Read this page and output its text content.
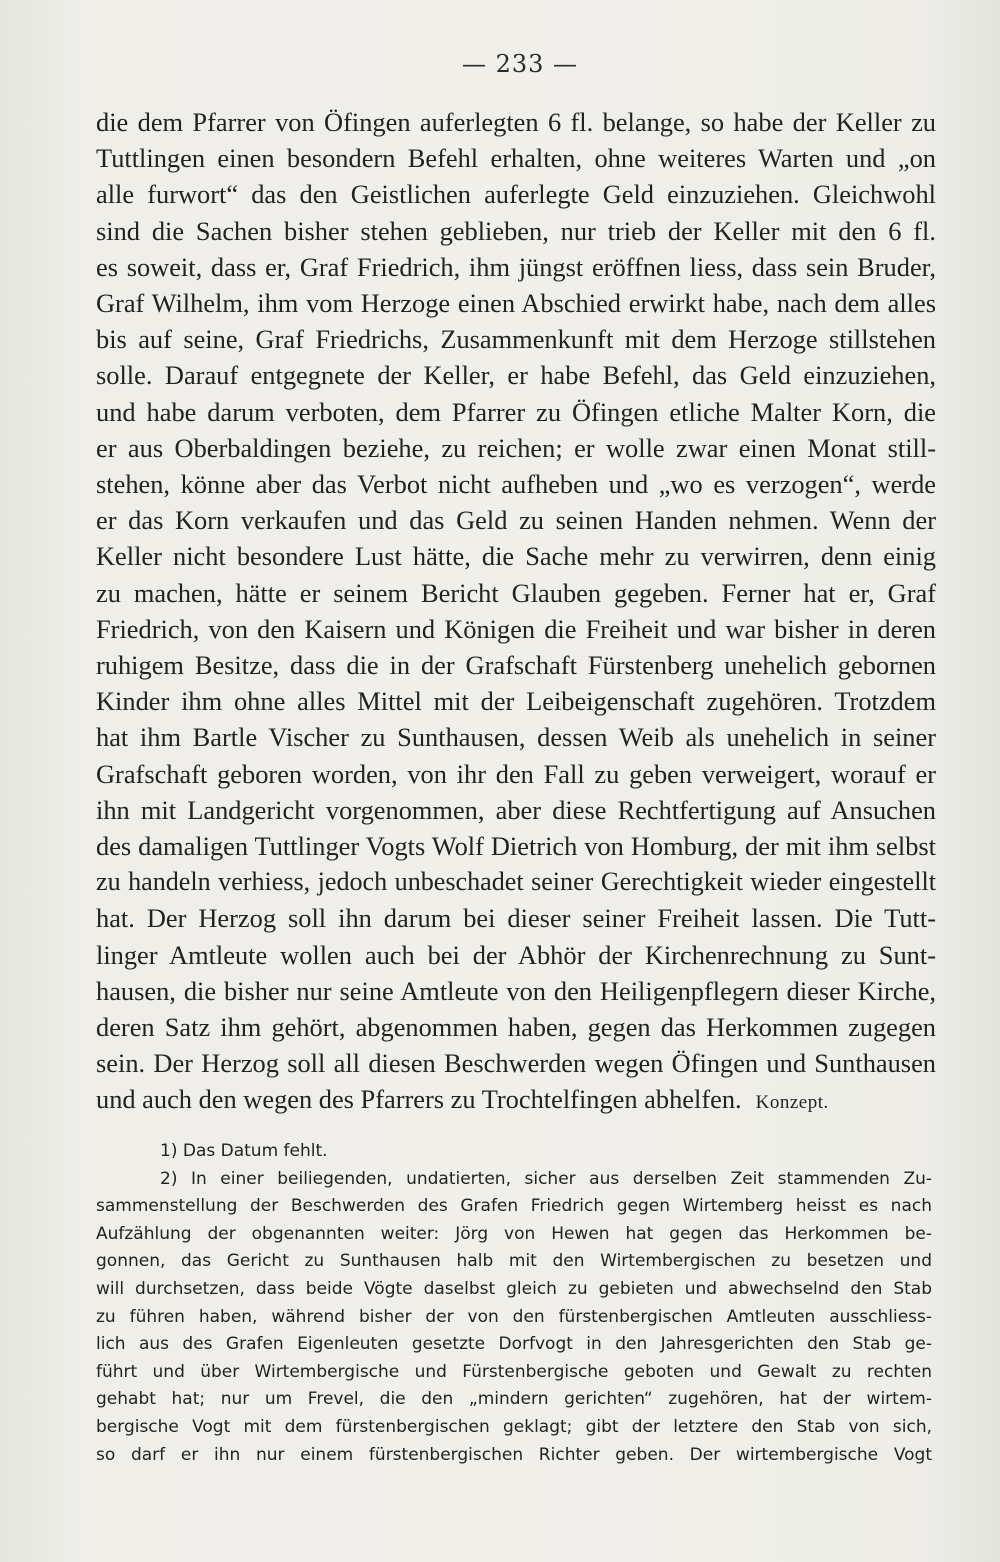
— 233 —
die dem Pfarrer von Öfingen auferlegten 6 fl. belange, so habe der Keller zu
Tuttlingen einen besondern Befehl erhalten, ohne weiteres Warten und „on
alle furwort“ das den Geistlichen auferlegte Geld einzuziehen. Gleichwohl
sind die Sachen bisher stehen geblieben, nur trieb der Keller mit den 6 fl.
es soweit, dass er, Graf Friedrich, ihm jüngst eröffnen liess, dass sein Bruder,
Graf Wilhelm, ihm vom Herzoge einen Abschied erwirkt habe, nach dem alles
bis auf seine, Graf Friedrichs, Zusammenkunft mit dem Herzoge stillstehen
solle. Darauf entgegnete der Keller, er habe Befehl, das Geld einzuziehen,
und habe darum verboten, dem Pfarrer zu Öfingen etliche Malter Korn, die
er aus Oberbaldingen beziehe, zu reichen; er wolle zwar einen Monat still-
stehen, könne aber das Verbot nicht aufheben und „wo es verzogen“, werde
er das Korn verkaufen und das Geld zu seinen Handen nehmen. Wenn der
Keller nicht besondere Lust hätte, die Sache mehr zu verwirren, denn einig
zu machen, hätte er seinem Bericht Glauben gegeben. Ferner hat er, Graf
Friedrich, von den Kaisern und Königen die Freiheit und war bisher in deren
ruhigem Besitze, dass die in der Grafschaft Fürstenberg unehelich gebornen
Kinder ihm ohne alles Mittel mit der Leibeigenschaft zugehören. Trotzdem
hat ihm Bartle Vischer zu Sunthausen, dessen Weib als unehelich in seiner
Grafschaft geboren worden, von ihr den Fall zu geben verweigert, worauf er
ihn mit Landgericht vorgenommen, aber diese Rechtfertigung auf Ansuchen
des damaligen Tuttlinger Vogts Wolf Dietrich von Homburg, der mit ihm selbst
zu handeln verhiess, jedoch unbeschadet seiner Gerechtigkeit wieder eingestellt
hat. Der Herzog soll ihn darum bei dieser seiner Freiheit lassen. Die Tutt-
linger Amtleute wollen auch bei der Abhör der Kirchenrechnung zu Sunt-
hausen, die bisher nur seine Amtleute von den Heiligenpflegern dieser Kirche,
deren Satz ihm gehört, abgenommen haben, gegen das Herkommen zugegen
sein. Der Herzog soll all diesen Beschwerden wegen Öfingen und Sunthausen
und auch den wegen des Pfarrers zu Trochtelfingen abhelfen. Konzept.
1) Das Datum fehlt.
2) In einer beiliegenden, undatierten, sicher aus derselben Zeit stammenden Zu-
sammenstellung der Beschwerden des Grafen Friedrich gegen Wirtemberg heisst es nach
Aufzählung der obgenannten weiter: Jörg von Hewen hat gegen das Herkommen be-
gonnen, das Gericht zu Sunthausen halb mit den Wirtembergischen zu besetzen und
will durchsetzen, dass beide Vögte daselbst gleich zu gebieten und abwechselnd den Stab
zu führen haben, während bisher der von den fürstenbergischen Amtleuten ausschliess-
lich aus des Grafen Eigenleuten gesetzte Dorfvogt in den Jahresgerichten den Stab ge-
führt und über Wirtembergische und Fürstenbergische geboten und Gewalt zu rechten
gehabt hat; nur um Frevel, die den „mindern gerichten“ zugehören, hat der wirtem-
bergische Vogt mit dem fürstenbergischen geklagt; gibt der letztere den Stab von sich,
so darf er ihn nur einem fürstenbergischen Richter geben. Der wirtembergische Vogt
